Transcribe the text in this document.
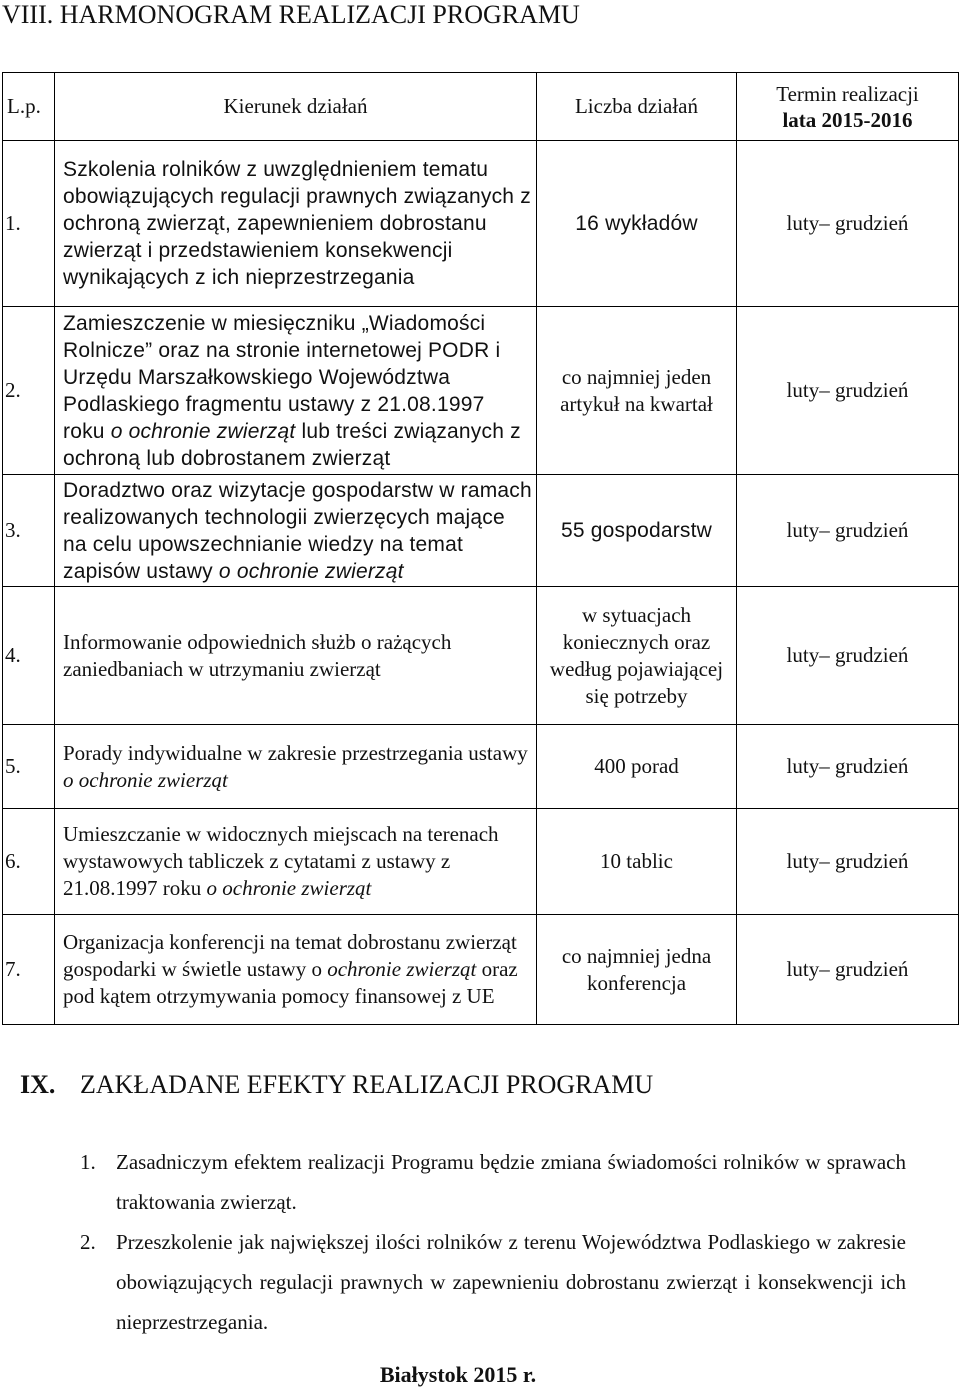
VIII. HARMONOGRAM REALIZACJI PROGRAMU
L.p.	Kierunek działań	Liczba działań	Termin realizacji
lata 2015-2016

1.	Szkolenia rolników z uwzględnieniem tematu obowiązujących regulacji prawnych związanych z ochroną zwierząt, zapewnieniem dobrostanu zwierząt i przedstawieniem konsekwencji wynikających z ich nieprzestrzegania	16 wykładów	luty– grudzień
2.	Zamieszczenie w miesięczniku „Wiadomości Rolnicze” oraz na stronie internetowej PODR i Urzędu Marszałkowskiego Województwa Podlaskiego fragmentu ustawy z 21.08.1997 roku o ochronie zwierząt lub treści związanych z ochroną lub dobrostanem zwierząt	co najmniej jeden
artykuł na kwartał	luty– grudzień
3.	Doradztwo oraz wizytacje gospodarstw w ramach realizowanych technologii zwierzęcych mające na celu upowszechnianie wiedzy na temat zapisów ustawy o ochronie zwierząt	55 gospodarstw	luty– grudzień
4.	Informowanie odpowiednich służb o rażących zaniedbaniach w utrzymaniu zwierząt	w sytuacjach
koniecznych oraz
według pojawiającej
się potrzeby	luty– grudzień
5.	Porady indywidualne w zakresie przestrzegania ustawy o ochronie zwierząt	400 porad	luty– grudzień
6.	Umieszczanie w widocznych miejscach na terenach wystawowych tabliczek z cytatami z ustawy z 21.08.1997 roku o ochronie zwierząt	10 tablic	luty– grudzień
7.	Organizacja konferencji na temat dobrostanu zwierząt gospodarki w świetle ustawy o ochronie zwierząt oraz pod kątem otrzymywania pomocy finansowej z UE	co najmniej jedna
konferencja	luty– grudzień
IX. ZAKŁADANE EFEKTY REALIZACJI PROGRAMU
1. Zasadniczym efektem realizacji Programu będzie zmiana świadomości rolników w sprawach traktowania zwierząt.
2. Przeszkolenie jak największej ilości rolników z terenu Województwa Podlaskiego w zakresie obowiązujących regulacji prawnych w zapewnieniu dobrostanu zwierząt i konsekwencji ich nieprzestrzegania.
Białystok 2015 r.
